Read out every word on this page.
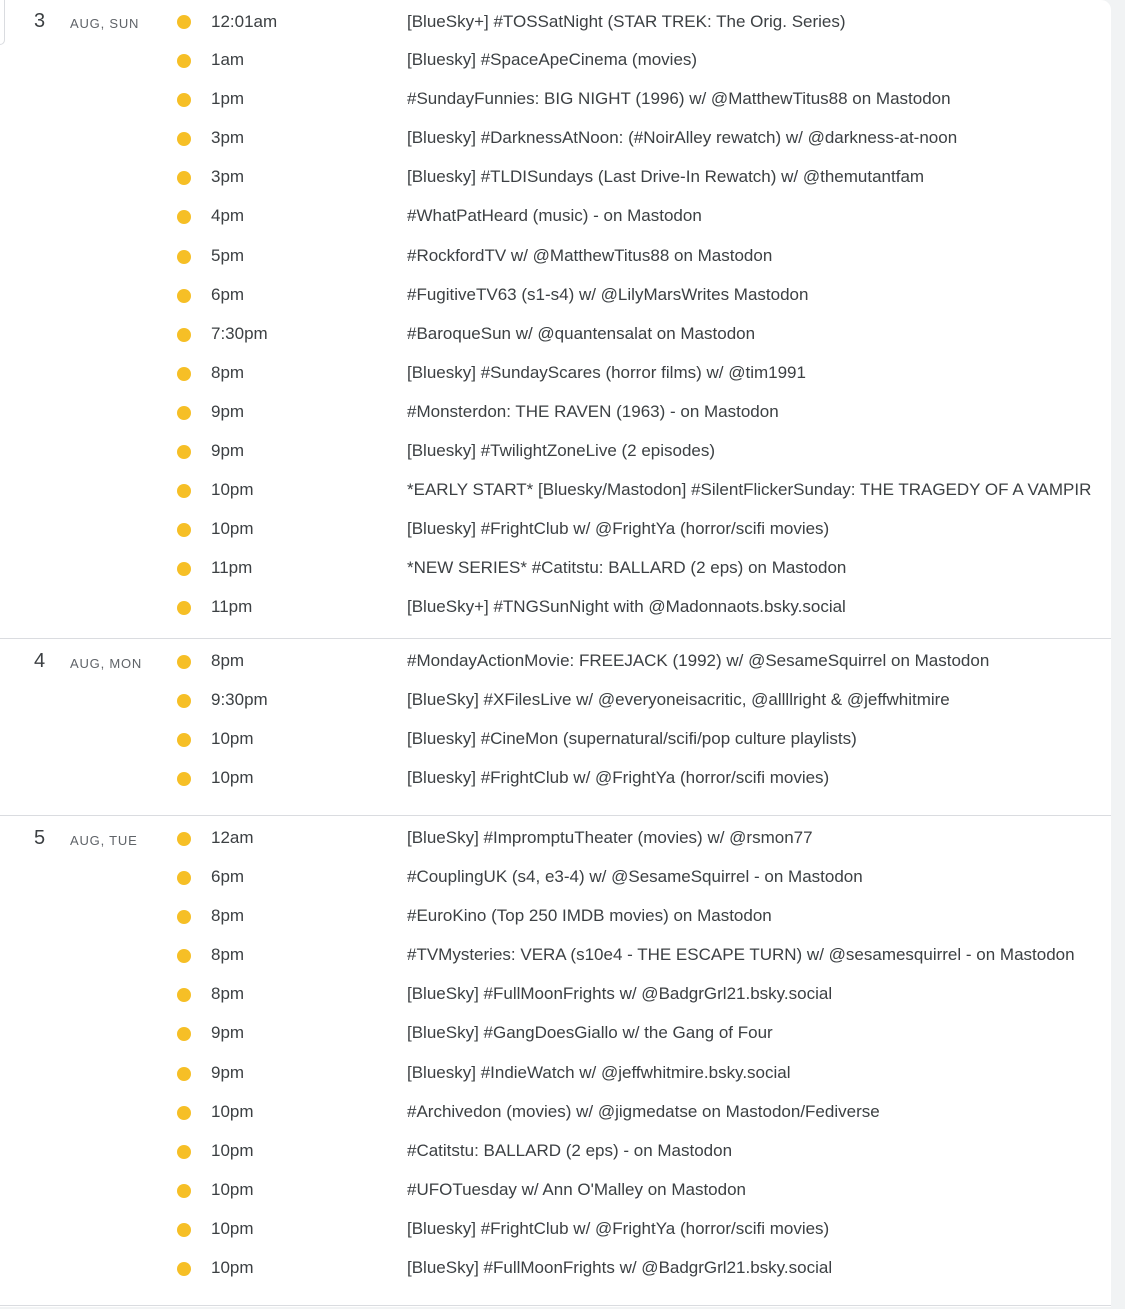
3 AUG, SUN	12:01am	[BlueSky+] #TOSSatNight (STAR TREK: The Orig. Series)
1am	[Bluesky] #SpaceApeCinema (movies)
1pm	#SundayFunnies: BIG NIGHT (1996) w/ @MatthewTitus88 on Mastodon
3pm	[Bluesky] #DarknessAtNoon: (#NoirAlley rewatch) w/ @darkness-at-noon
3pm	[Bluesky] #TLDISundays (Last Drive-In Rewatch) w/ @themutantfam
4pm	#WhatPatHeard (music) - on Mastodon
5pm	#RockfordTV w/ @MatthewTitus88 on Mastodon
6pm	#FugitiveTV63 (s1-s4) w/ @LilyMarsWrites Mastodon
7:30pm	#BaroqueSun w/ @quantensalat on Mastodon
8pm	[Bluesky] #SundayScares (horror films) w/ @tim1991
9pm	#Monsterdon: THE RAVEN (1963) - on Mastodon
9pm	[Bluesky] #TwilightZoneLive (2 episodes)
10pm	*EARLY START* [Bluesky/Mastodon] #SilentFlickerSunday: THE TRAGEDY OF A VAMPIR
10pm	[Bluesky] #FrightClub w/ @FrightYa (horror/scifi movies)
11pm	*NEW SERIES* #Catitstu: BALLARD (2 eps) on Mastodon
11pm	[BlueSky+] #TNGSunNight with @Madonnaots.bsky.social
4 AUG, MON	8pm	#MondayActionMovie: FREEJACK (1992) w/ @SesameSquirrel on Mastodon
9:30pm	[BlueSky] #XFilesLive w/ @everyoneisacritic, @allllright & @jeffwhitmire
10pm	[Bluesky] #CineMon (supernatural/scifi/pop culture playlists)
10pm	[Bluesky] #FrightClub w/ @FrightYa (horror/scifi movies)
5 AUG, TUE	12am	[BlueSky] #ImpromptuTheater (movies) w/ @rsmon77
6pm	#CouplingUK (s4, e3-4) w/ @SesameSquirrel - on Mastodon
8pm	#EuroKino (Top 250 IMDB movies) on Mastodon
8pm	#TVMysteries: VERA (s10e4 - THE ESCAPE TURN) w/ @sesamesquirrel - on Mastodon
8pm	[BlueSky] #FullMoonFrights w/ @BadgrGrl21.bsky.social
9pm	[BlueSky] #GangDoesGiallo w/ the Gang of Four
9pm	[Bluesky] #IndieWatch w/ @jeffwhitmire.bsky.social
10pm	#Archivedon (movies) w/ @jigmedatse on Mastodon/Fediverse
10pm	#Catitstu: BALLARD (2 eps) - on Mastodon
10pm	#UFOTuesday w/ Ann O'Malley on Mastodon
10pm	[Bluesky] #FrightClub w/ @FrightYa (horror/scifi movies)
10pm	[BlueSky] #FullMoonFrights w/ @BadgrGrl21.bsky.social
